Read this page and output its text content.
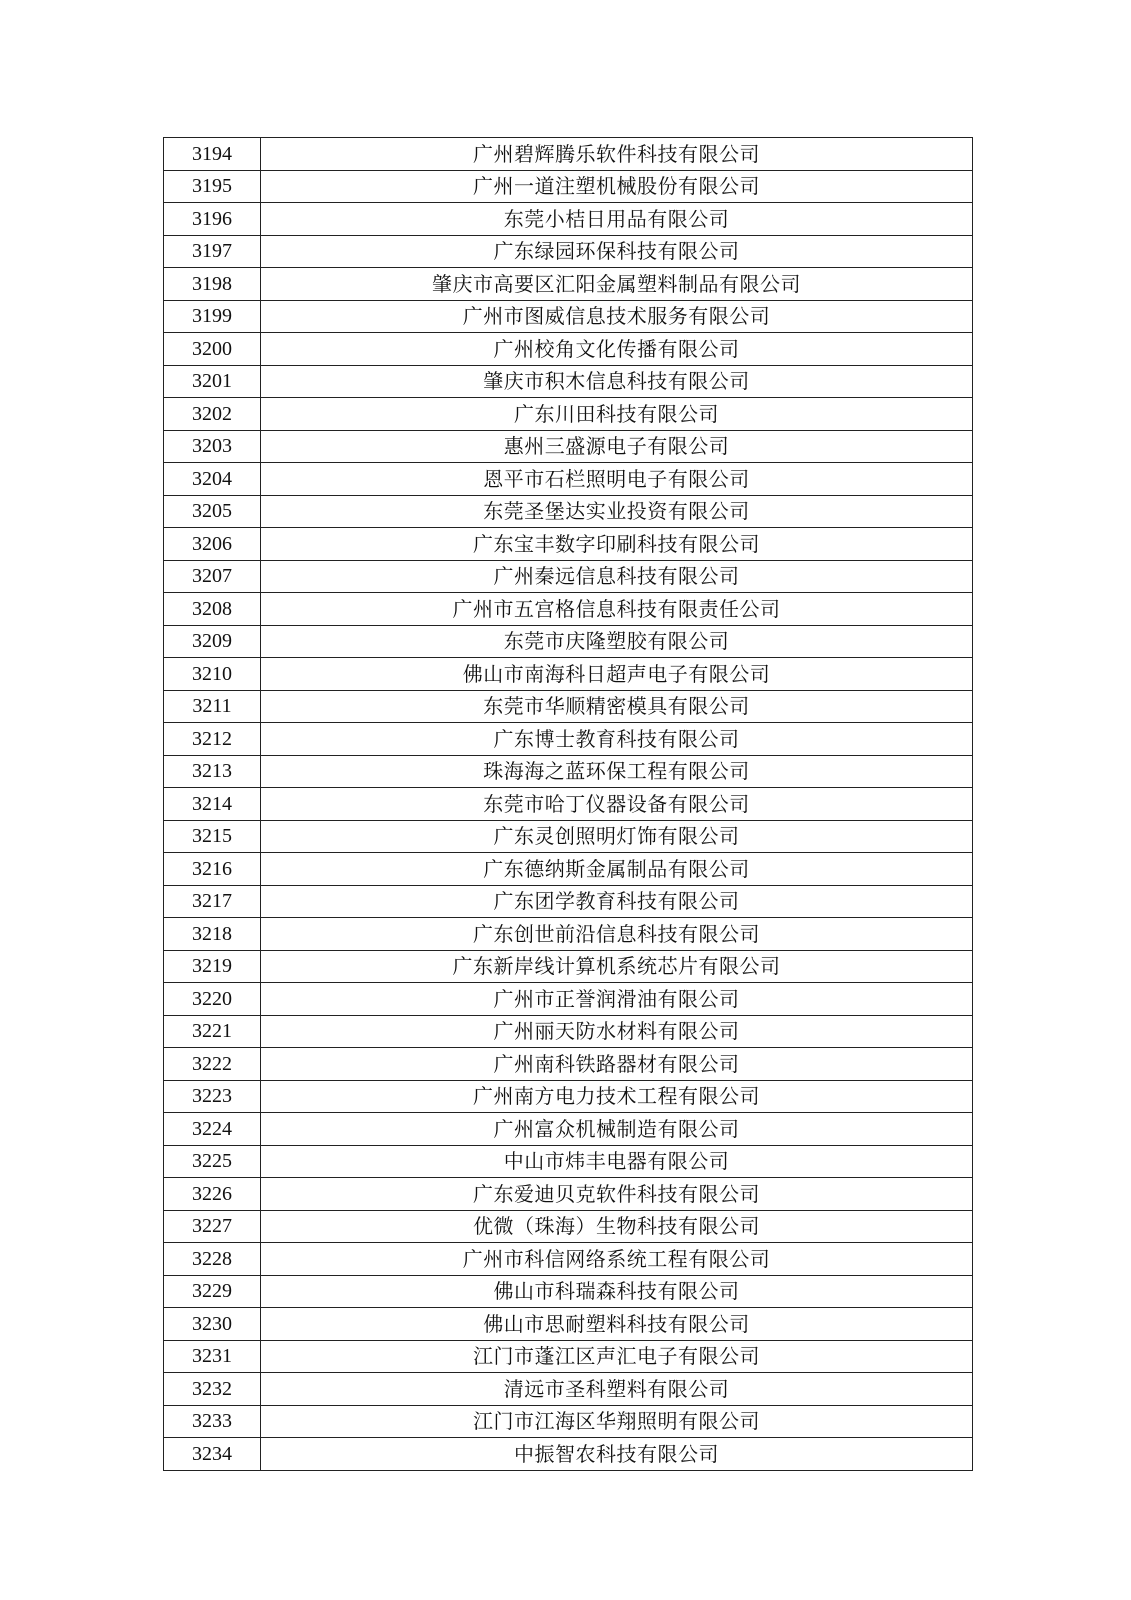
3194	广州碧辉腾乐软件科技有限公司
3195	广州一道注塑机械股份有限公司
3196	东莞小桔日用品有限公司
3197	广东绿园环保科技有限公司
3198	肇庆市高要区汇阳金属塑料制品有限公司
3199	广州市图威信息技术服务有限公司
3200	广州校角文化传播有限公司
3201	肇庆市积木信息科技有限公司
3202	广东川田科技有限公司
3203	惠州三盛源电子有限公司
3204	恩平市石栏照明电子有限公司
3205	东莞圣堡达实业投资有限公司
3206	广东宝丰数字印刷科技有限公司
3207	广州秦远信息科技有限公司
3208	广州市五宫格信息科技有限责任公司
3209	东莞市庆隆塑胶有限公司
3210	佛山市南海科日超声电子有限公司
3211	东莞市华顺精密模具有限公司
3212	广东博士教育科技有限公司
3213	珠海海之蓝环保工程有限公司
3214	东莞市哈丁仪器设备有限公司
3215	广东灵创照明灯饰有限公司
3216	广东德纳斯金属制品有限公司
3217	广东团学教育科技有限公司
3218	广东创世前沿信息科技有限公司
3219	广东新岸线计算机系统芯片有限公司
3220	广州市正誉润滑油有限公司
3221	广州丽天防水材料有限公司
3222	广州南科铁路器材有限公司
3223	广州南方电力技术工程有限公司
3224	广州富众机械制造有限公司
3225	中山市炜丰电器有限公司
3226	广东爱迪贝克软件科技有限公司
3227	优微（珠海）生物科技有限公司
3228	广州市科信网络系统工程有限公司
3229	佛山市科瑞森科技有限公司
3230	佛山市思耐塑料科技有限公司
3231	江门市蓬江区声汇电子有限公司
3232	清远市圣科塑料有限公司
3233	江门市江海区华翔照明有限公司
3234	中振智农科技有限公司
